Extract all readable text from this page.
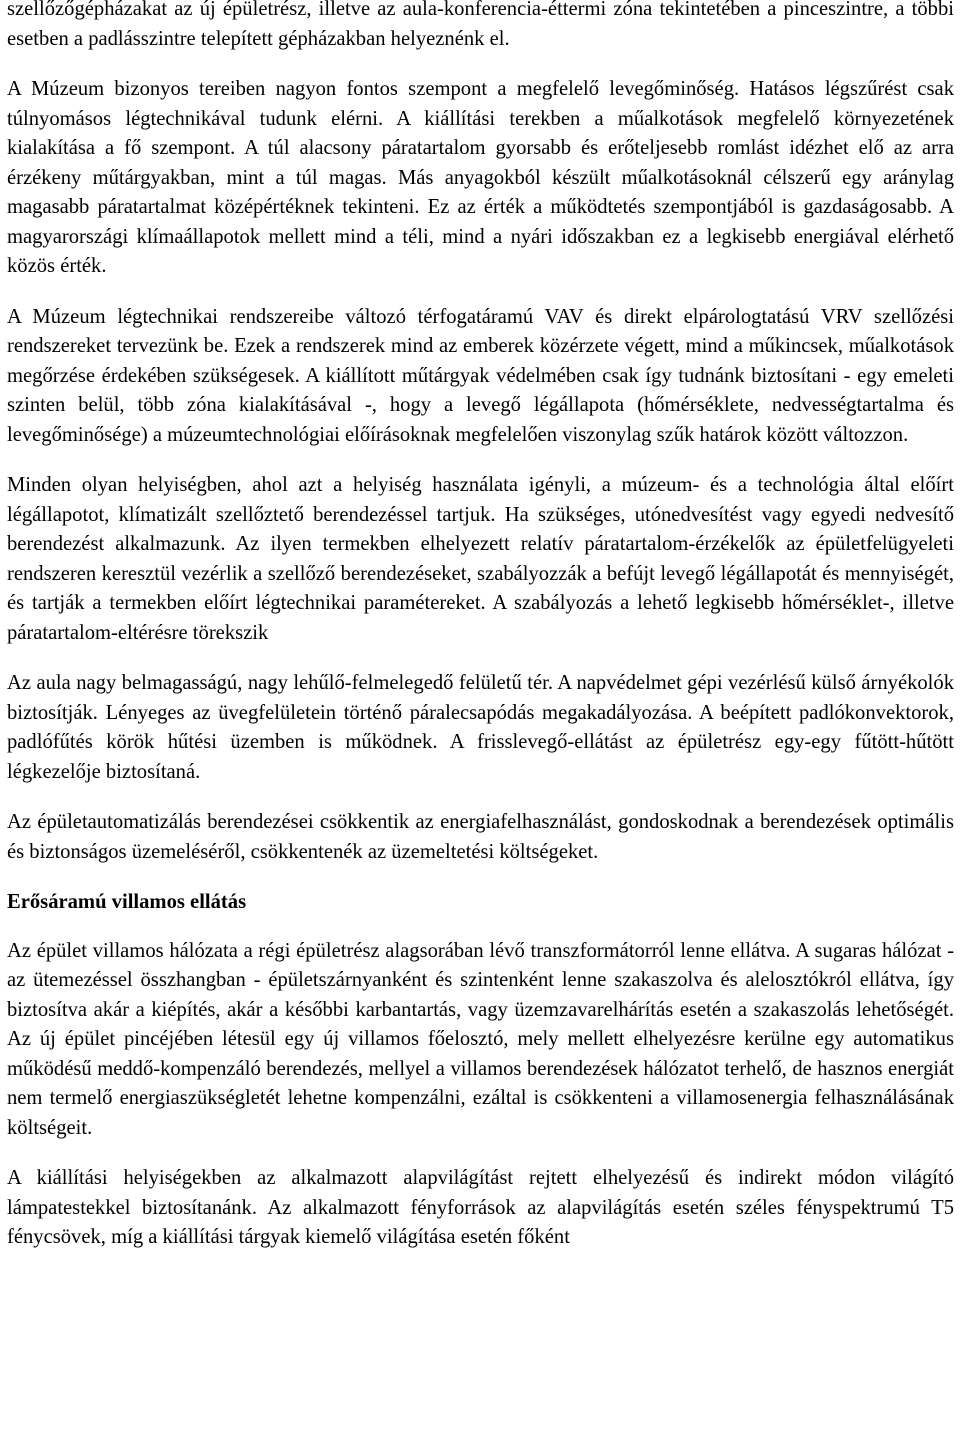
szellőzőgépházakat az új épületrész, illetve az aula-konferencia-éttermi zóna tekintetében a pinceszintre, a többi esetben a padlásszintre telepített gépházakban helyeznénk el.

A Múzeum bizonyos tereiben nagyon fontos szempont a megfelelő levegőminőség. Hatásos légszűrést csak túlnyomásos légtechnikával tudunk elérni. A kiállítási terekben a műalkotások megfelelő környezetének kialakítása a fő szempont. A túl alacsony páratartalom gyorsabb és erőteljesebb romlást idézhet elő az arra érzékeny műtárgyakban, mint a túl magas. Más anyagokból készült műalkotásoknál célszerű egy aránylag magasabb páratartalmat középértéknek tekinteni. Ez az érték a működtetés szempontjából is gazdaságosabb. A magyarországi klímaállapotok mellett mind a téli, mind a nyári időszakban ez a legkisebb energiával elérhető közös érték.

A Múzeum légtechnikai rendszereibe változó térfogatáramú VAV és direkt elpárologtatású VRV szellőzési rendszereket tervezünk be. Ezek a rendszerek mind az emberek közérzete végett, mind a műkincsek, műalkotások megőrzése érdekében szükségesek. A kiállított műtárgyak védelmében csak így tudnánk biztosítani - egy emeleti szinten belül, több zóna kialakításával -, hogy a levegő légállapota (hőmérséklete, nedvességtartalma és levegőminősége) a múzeumtechnológiai előírásoknak megfelelően viszonylag szűk határok között változzon.

Minden olyan helyiségben, ahol azt a helyiség használata igényli, a múzeum- és a technológia által előírt légállapotot, klímatizált szellőztető berendezéssel tartjuk. Ha szükséges, utónedvesítést vagy egyedi nedvesítő berendezést alkalmazunk. Az ilyen termekben elhelyezett relatív páratartalom-érzékelők az épületfelügyeleti rendszeren keresztül vezérlik a szellőző berendezéseket, szabályozzák a befújt levegő légállapotát és mennyiségét, és tartják a termekben előírt légtechnikai paramétereket. A szabályozás a lehető legkisebb hőmérséklet-, illetve páratartalom-eltérésre törekszik

Az aula nagy belmagasságú, nagy lehűlő-felmelegedő felületű tér. A napvédelmet gépi vezérlésű külső árnyékolók biztosítják. Lényeges az üvegfelületein történő páralecsapódás megakadályozása. A beépített padlókonvektorok, padlófűtés körök hűtési üzemben is működnek. A frisslevegő-ellátást az épületrész egy-egy fűtött-hűtött légkezelője biztosítaná.

Az épületautomatizálás berendezései csökkentik az energiafelhasználást, gondoskodnak a berendezések optimális és biztonságos üzemeléséről, csökkentenék az üzemeltetési költségeket.

Erősáramú villamos ellátás

Az épület villamos hálózata a régi épületrész alagsorában lévő transzformátorról lenne ellátva. A sugaras hálózat - az ütemezéssel összhangban - épületszárnyanként és szintenként lenne szakaszolva és alelosztókról ellátva, így biztosítva akár a kiépítés, akár a későbbi karbantartás, vagy üzemzavarelhárítás esetén a szakaszolás lehetőségét. Az új épület pincéjében létesül egy új villamos főelosztó, mely mellett elhelyezésre kerülne egy automatikus működésű meddő-kompenzáló berendezés, mellyel a villamos berendezések hálózatot terhelő, de hasznos energiát nem termelő energiaszükségletét lehetne kompenzálni, ezáltal is csökkenteni a villamosenergia felhasználásának költségeit.

A kiállítási helyiségekben az alkalmazott alapvilágítást rejtett elhelyezésű és indirekt módon világító lámpatestekkel biztosítanánk. Az alkalmazott fényforrások az alapvilágítás esetén széles fényspektrumú T5 fénycsövek, míg a kiállítási tárgyak kiemelő világítása esetén főként
